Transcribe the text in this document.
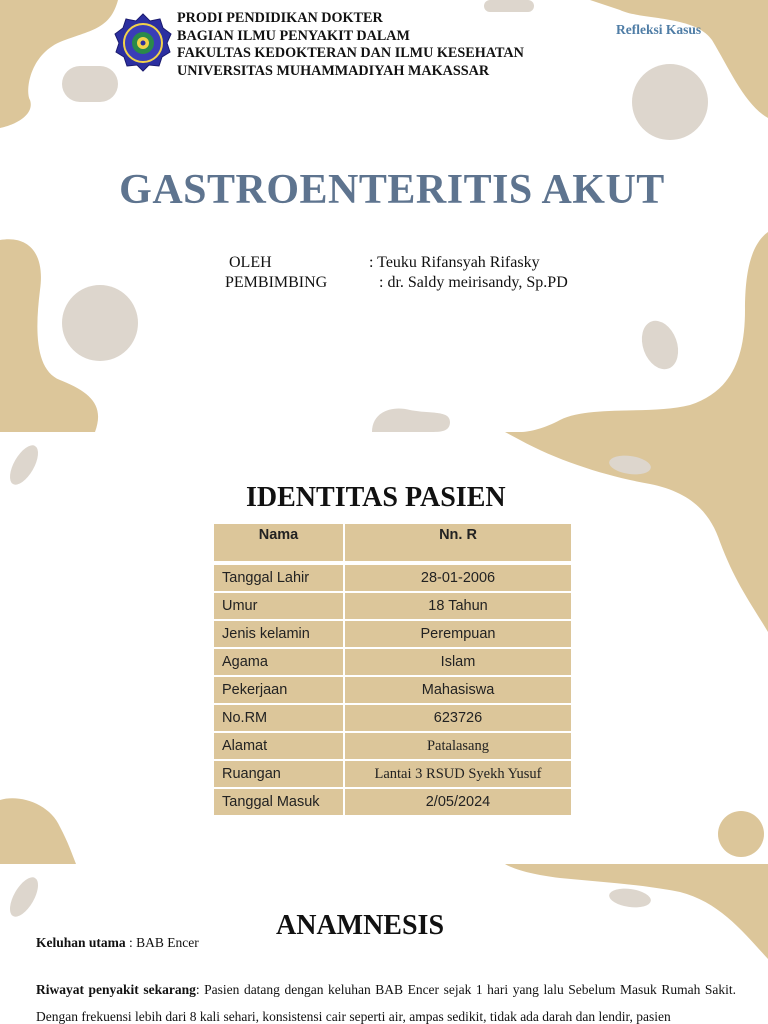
PRODI PENDIDIKAN DOKTER
BAGIAN ILMU PENYAKIT DALAM
FAKULTAS KEDOKTERAN DAN ILMU KESEHATAN
UNIVERSITAS MUHAMMADIYAH MAKASSAR
Refleksi Kasus
GASTROENTERITIS AKUT
OLEH	: Teuku Rifansyah Rifasky
PEMBIMBING	: dr. Saldy meirisandy, Sp.PD
IDENTITAS PASIEN
Nama	Nn. R

Tanggal Lahir	28-01-2006
Umur	18 Tahun
Jenis kelamin	Perempuan
Agama	Islam
Pekerjaan	Mahasiswa
No.RM	623726
Alamat	Patalasang
Ruangan	Lantai 3 RSUD Syekh Yusuf
Tanggal Masuk	2/05/2024
ANAMNESIS
Keluhan utama : BAB Encer
Riwayat penyakit sekarang: Pasien datang dengan keluhan BAB Encer sejak 1 hari yang lalu Sebelum Masuk Rumah Sakit. Dengan frekuensi lebih dari 8 kali sehari, konsistensi cair seperti air, ampas sedikit, tidak ada darah dan lendir, pasien
